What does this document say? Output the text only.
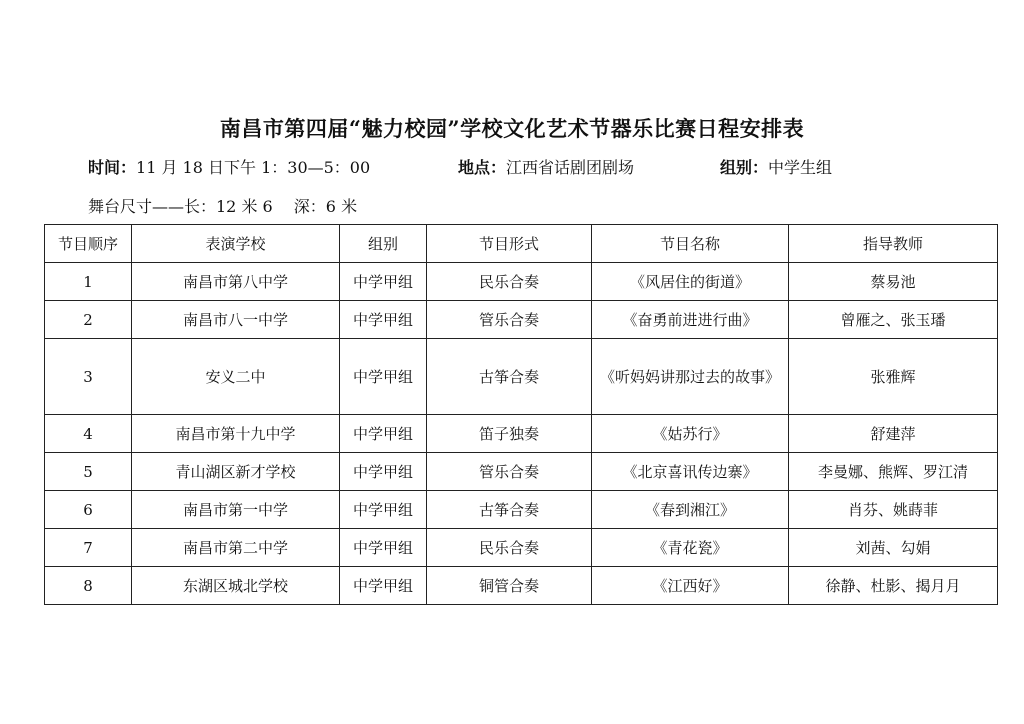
南昌市第四届“魅力校园”学校文化艺术节器乐比赛日程安排表
时间：11 月 18 日下午 1：30—5：00	地点：江西省话剧团剧场	组别：中学生组
舞台尺寸——长：12 米 6　 深：6 米
节目顺序	表演学校	组别	节目形式	节目名称	指导教师
1	南昌市第八中学	中学甲组	民乐合奏	《风居住的街道》	蔡易池
2	南昌市八一中学	中学甲组	管乐合奏	《奋勇前进进行曲》	曾雁之、张玉璠
3	安义二中	中学甲组	古筝合奏	《听妈妈讲那过去的故事》	张雅辉
4	南昌市第十九中学	中学甲组	笛子独奏	《姑苏行》	舒建萍
5	青山湖区新才学校	中学甲组	管乐合奏	《北京喜讯传边寨》	李曼娜、熊辉、罗江清
6	南昌市第一中学	中学甲组	古筝合奏	《春到湘江》	肖芬、姚蒔菲
7	南昌市第二中学	中学甲组	民乐合奏	《青花瓷》	刘茜、勾娟
8	东湖区城北学校	中学甲组	铜管合奏	《江西好》	徐静、杜影、揭月月
